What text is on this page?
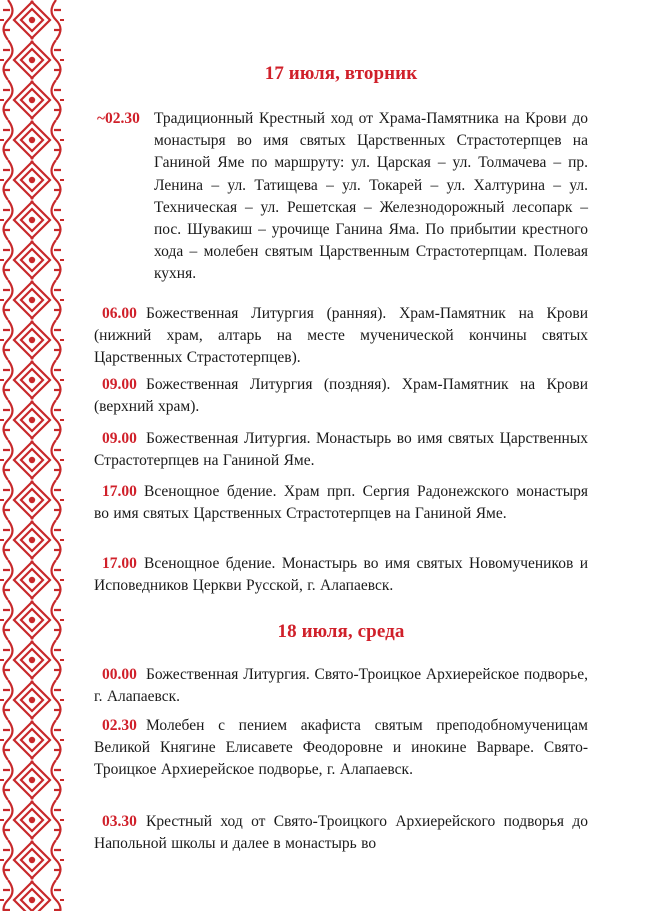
17 июля, вторник
~02.30 Традиционный Крестный ход от Храма-Памятника на Крови до монастыря во имя святых Царственных Страстотерпцев на Ганиной Яме по маршруту: ул. Царская – ул. Толмачева – пр. Ленина – ул. Татищева – ул. Токарей – ул. Халтурина – ул. Техническая – ул. Решетская – Железнодорожный лесопарк – пос. Шувакиш – урочище Ганина Яма. По прибытии крестного хода – молебен святым Царственным Страстотерпцам. Полевая кухня.
06.00 Божественная Литургия (ранняя). Храм-Памятник на Крови (нижний храм, алтарь на месте мученической кончины святых Царственных Страстотерпцев).
09.00 Божественная Литургия (поздняя). Храм-Памятник на Крови (верхний храм).
09.00 Божественная Литургия. Монастырь во имя святых Царственных Страстотерпцев на Ганиной Яме.
17.00 Всенощное бдение. Храм прп. Сергия Радонежского монастыря во имя святых Царственных Страстотерпцев на Ганиной Яме.
17.00 Всенощное бдение. Монастырь во имя святых Новомучеников и Исповедников Церкви Русской, г. Алапаевск.
18 июля, среда
00.00 Божественная Литургия. Свято-Троицкое Архиерейское подворье, г. Алапаевск.
02.30 Молебен с пением акафиста святым преподобномученицам Великой Княгине Елисавете Феодоровне и инокине Варваре. Свято-Троицкое Архиерейское подворье, г. Алапаевск.
03.30 Крестный ход от Свято-Троицкого Архиерейского подворья до Напольной школы и далее в монастырь во
